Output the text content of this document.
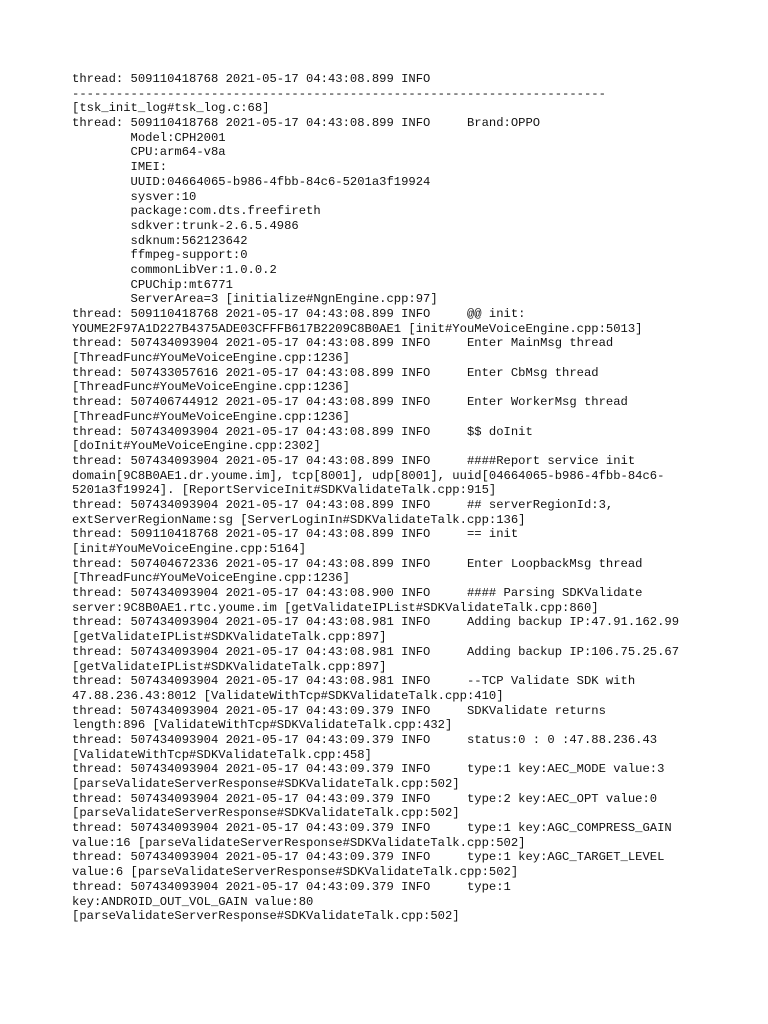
thread: 509110418768 2021-05-17 04:43:08.899 INFO
-------------------------------------------------------------------------
[tsk_init_log#tsk_log.c:68]
thread: 509110418768 2021-05-17 04:43:08.899 INFO     Brand:OPPO
Model:CPH2001
CPU:arm64-v8a
IMEI:
UUID:04664065-b986-4fbb-84c6-5201a3f19924
sysver:10
package:com.dts.freefireth
sdkver:trunk-2.6.5.4986
sdknum:562123642
ffmpeg-support:0
commonLibVer:1.0.0.2
CPUChip:mt6771
ServerArea=3 [initialize#NgnEngine.cpp:97]
thread: 509110418768 2021-05-17 04:43:08.899 INFO     @@ init:
YOUME2F97A1D227B4375ADE03CFFFB617B2209C8B0AE1 [init#YouMeVoiceEngine.cpp:5013]
thread: 507434093904 2021-05-17 04:43:08.899 INFO     Enter MainMsg thread
[ThreadFunc#YouMeVoiceEngine.cpp:1236]
thread: 507433057616 2021-05-17 04:43:08.899 INFO     Enter CbMsg thread
[ThreadFunc#YouMeVoiceEngine.cpp:1236]
thread: 507406744912 2021-05-17 04:43:08.899 INFO     Enter WorkerMsg thread
[ThreadFunc#YouMeVoiceEngine.cpp:1236]
thread: 507434093904 2021-05-17 04:43:08.899 INFO     $$ doInit
[doInit#YouMeVoiceEngine.cpp:2302]
thread: 507434093904 2021-05-17 04:43:08.899 INFO     ####Report service init
domain[9C8B0AE1.dr.youme.im], tcp[8001], udp[8001], uuid[04664065-b986-4fbb-84c6-
5201a3f19924]. [ReportServiceInit#SDKValidateTalk.cpp:915]
thread: 507434093904 2021-05-17 04:43:08.899 INFO     ## serverRegionId:3,
extServerRegionName:sg [ServerLoginIn#SDKValidateTalk.cpp:136]
thread: 509110418768 2021-05-17 04:43:08.899 INFO     == init
[init#YouMeVoiceEngine.cpp:5164]
thread: 507404672336 2021-05-17 04:43:08.899 INFO     Enter LoopbackMsg thread
[ThreadFunc#YouMeVoiceEngine.cpp:1236]
thread: 507434093904 2021-05-17 04:43:08.900 INFO     #### Parsing SDKValidate
server:9C8B0AE1.rtc.youme.im [getValidateIPList#SDKValidateTalk.cpp:860]
thread: 507434093904 2021-05-17 04:43:08.981 INFO     Adding backup IP:47.91.162.99
[getValidateIPList#SDKValidateTalk.cpp:897]
thread: 507434093904 2021-05-17 04:43:08.981 INFO     Adding backup IP:106.75.25.67
[getValidateIPList#SDKValidateTalk.cpp:897]
thread: 507434093904 2021-05-17 04:43:08.981 INFO     --TCP Validate SDK with
47.88.236.43:8012 [ValidateWithTcp#SDKValidateTalk.cpp:410]
thread: 507434093904 2021-05-17 04:43:09.379 INFO     SDKValidate returns
length:896 [ValidateWithTcp#SDKValidateTalk.cpp:432]
thread: 507434093904 2021-05-17 04:43:09.379 INFO     status:0 : 0 :47.88.236.43
[ValidateWithTcp#SDKValidateTalk.cpp:458]
thread: 507434093904 2021-05-17 04:43:09.379 INFO     type:1 key:AEC_MODE value:3
[parseValidateServerResponse#SDKValidateTalk.cpp:502]
thread: 507434093904 2021-05-17 04:43:09.379 INFO     type:2 key:AEC_OPT value:0
[parseValidateServerResponse#SDKValidateTalk.cpp:502]
thread: 507434093904 2021-05-17 04:43:09.379 INFO     type:1 key:AGC_COMPRESS_GAIN
value:16 [parseValidateServerResponse#SDKValidateTalk.cpp:502]
thread: 507434093904 2021-05-17 04:43:09.379 INFO     type:1 key:AGC_TARGET_LEVEL
value:6 [parseValidateServerResponse#SDKValidateTalk.cpp:502]
thread: 507434093904 2021-05-17 04:43:09.379 INFO     type:1
key:ANDROID_OUT_VOL_GAIN value:80
[parseValidateServerResponse#SDKValidateTalk.cpp:502]
